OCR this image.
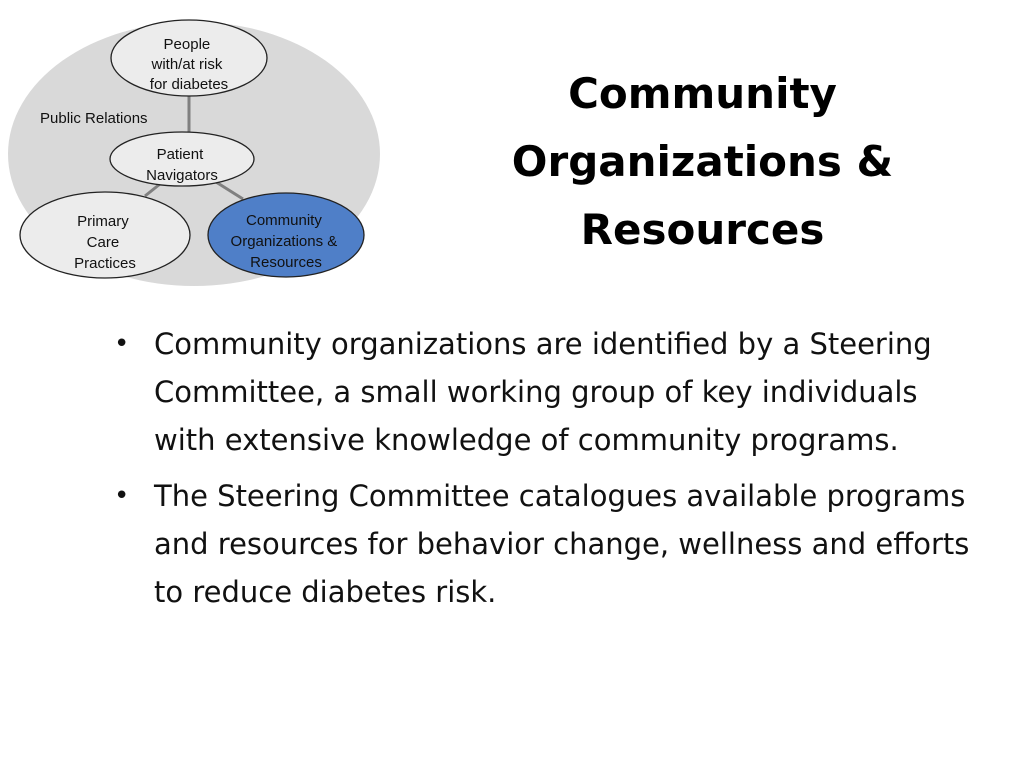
Public Relations
People with/at risk for diabetes
Patient Navigators
Primary Care Practices
Community Organizations & Resources
Community Organizations & Resources
• Community organizations are identified by a Steering Committee, a small working group of key individuals with extensive knowledge of community programs.
• The Steering Committee catalogues available programs and resources for behavior change, wellness and efforts to reduce diabetes risk.
